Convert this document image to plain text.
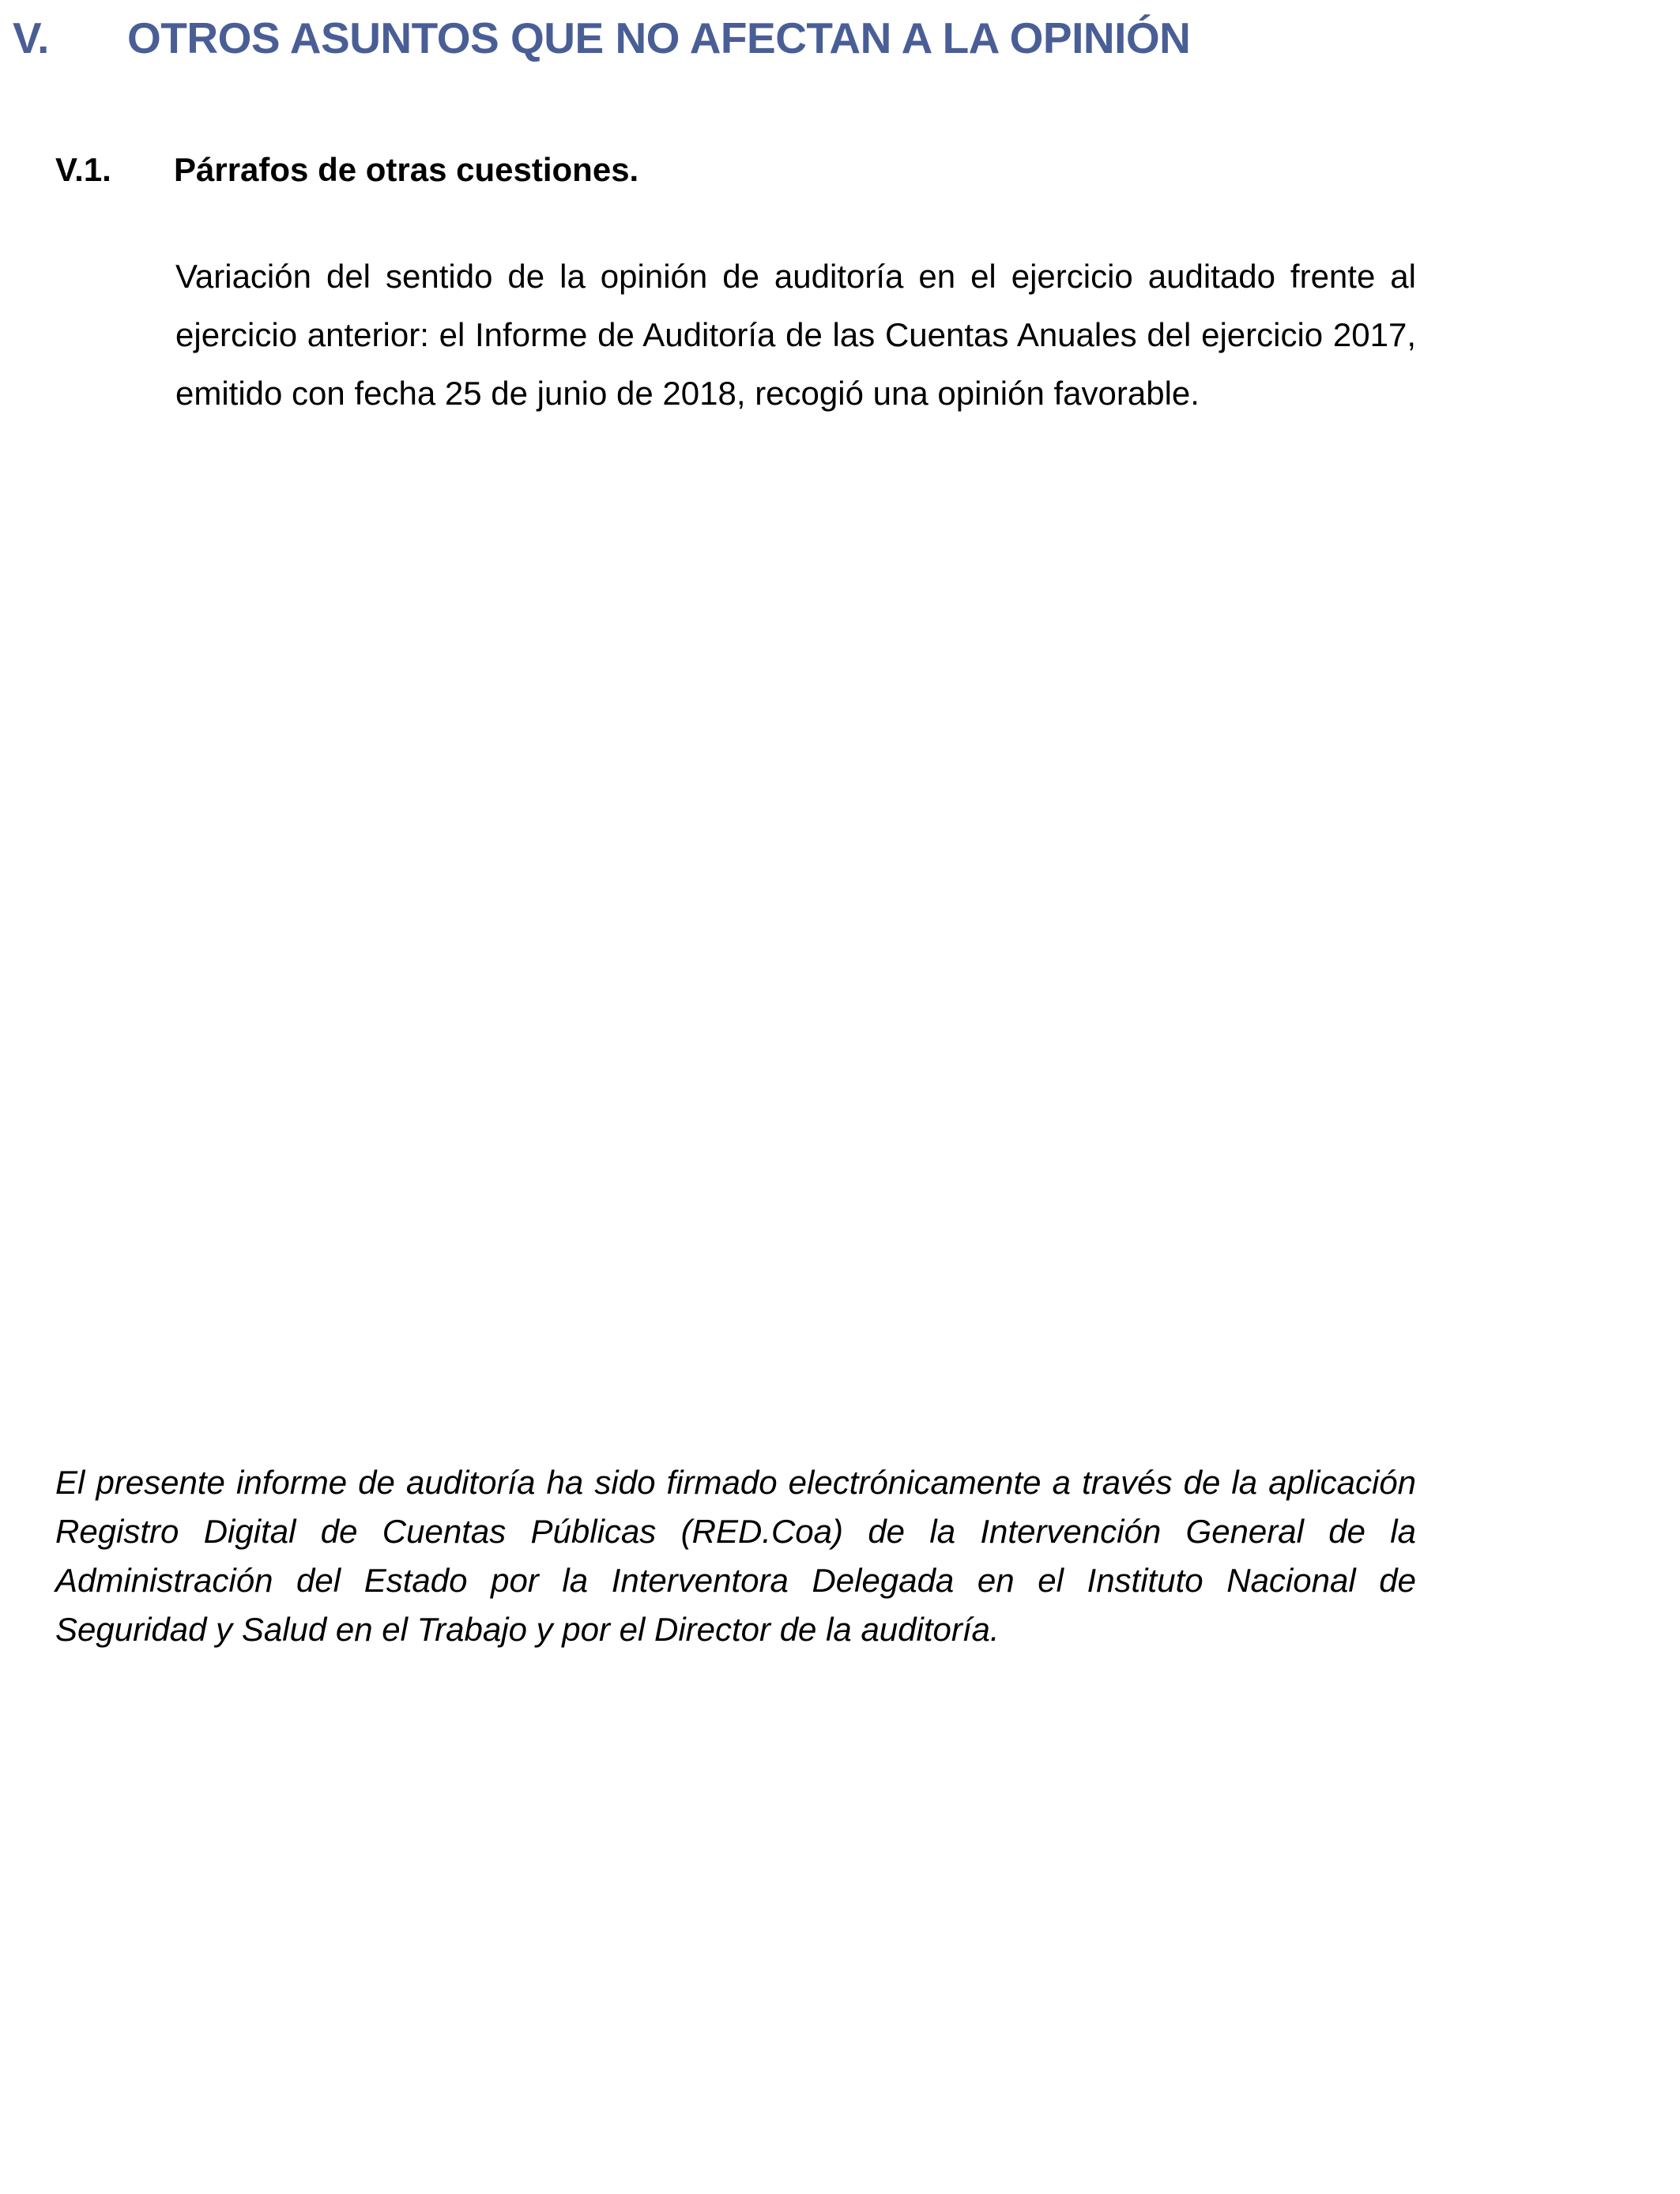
V. OTROS ASUNTOS QUE NO AFECTAN A LA OPINIÓN
V.1. Párrafos de otras cuestiones.

Variación del sentido de la opinión de auditoría en el ejercicio auditado frente al ejercicio anterior: el Informe de Auditoría de las Cuentas Anuales del ejercicio 2017, emitido con fecha 25 de junio de 2018, recogió una opinión favorable.

El presente informe de auditoría ha sido firmado electrónicamente a través de la aplicación Registro Digital de Cuentas Públicas (RED.Coa) de la Intervención General de la Administración del Estado por la Interventora Delegada en el Instituto Nacional de Seguridad y Salud en el Trabajo y por el Director de la auditoría.
